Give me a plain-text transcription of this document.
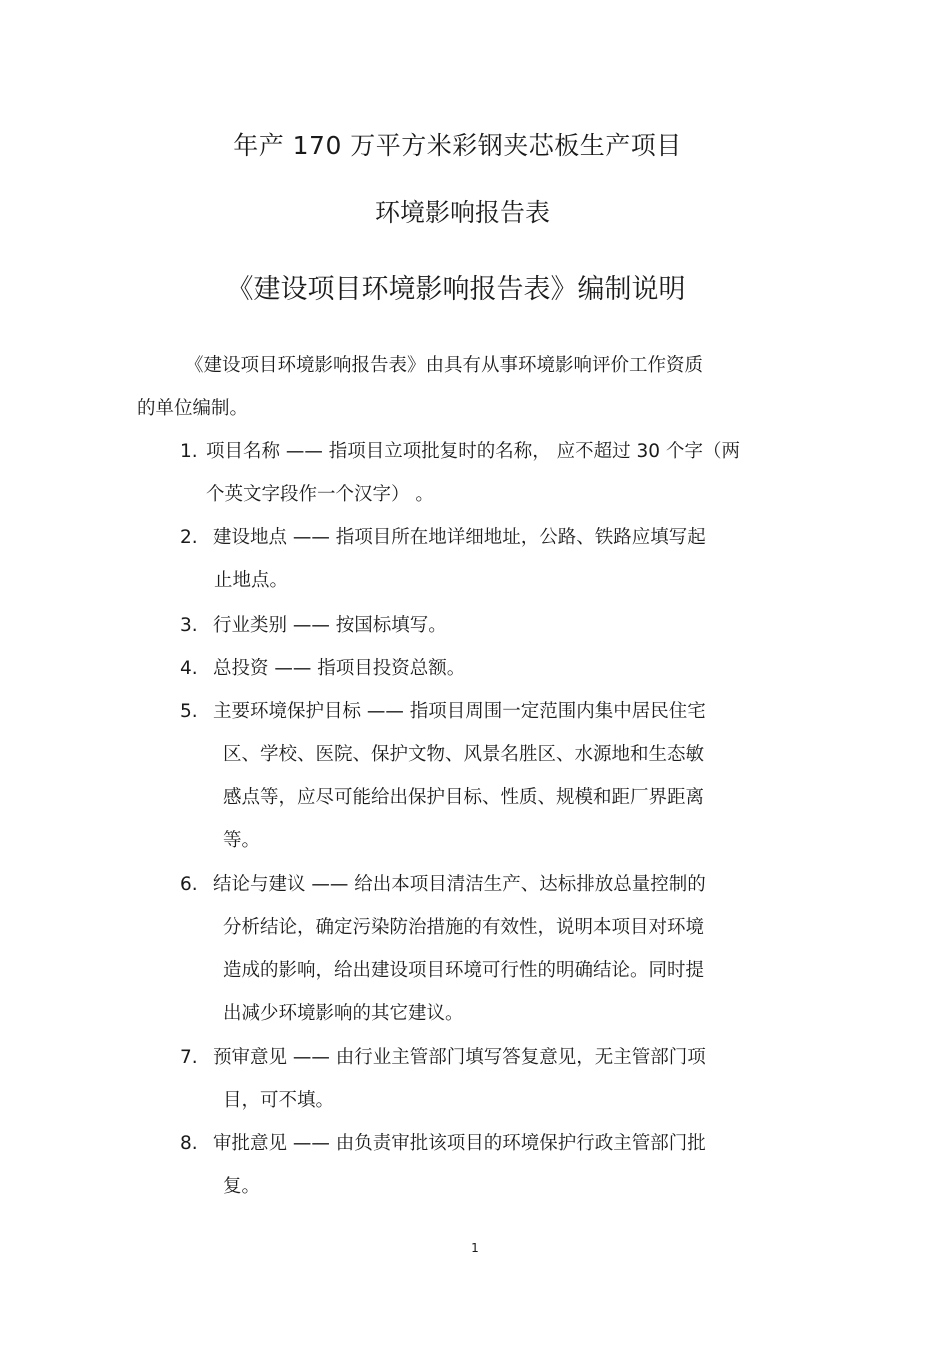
年产 170 万平方米彩钢夹芯板生产项目
环境影响报告表
《建设项目环境影响报告表》编制说明
《建设项目环境影响报告表》由具有从事环境影响评价工作资质
的单位编制。
1. 项目名称 —— 指项目立项批复时的名称， 应不超过 30 个字（两
个英文字段作一个汉字） 。
2. 建设地点 —— 指项目所在地详细地址，公路、铁路应填写起
止地点。
3. 行业类别 —— 按国标填写。
4. 总投资 —— 指项目投资总额。
5. 主要环境保护目标 —— 指项目周围一定范围内集中居民住宅
区、学校、医院、保护文物、风景名胜区、水源地和生态敏
感点等，应尽可能给出保护目标、性质、规模和距厂界距离
等。
6. 结论与建议 —— 给出本项目清洁生产、达标排放总量控制的
分析结论，确定污染防治措施的有效性，说明本项目对环境
造成的影响，给出建设项目环境可行性的明确结论。同时提
出减少环境影响的其它建议。
7. 预审意见 —— 由行业主管部门填写答复意见，无主管部门项
目，可不填。
8. 审批意见 —— 由负责审批该项目的环境保护行政主管部门批
复。
1
